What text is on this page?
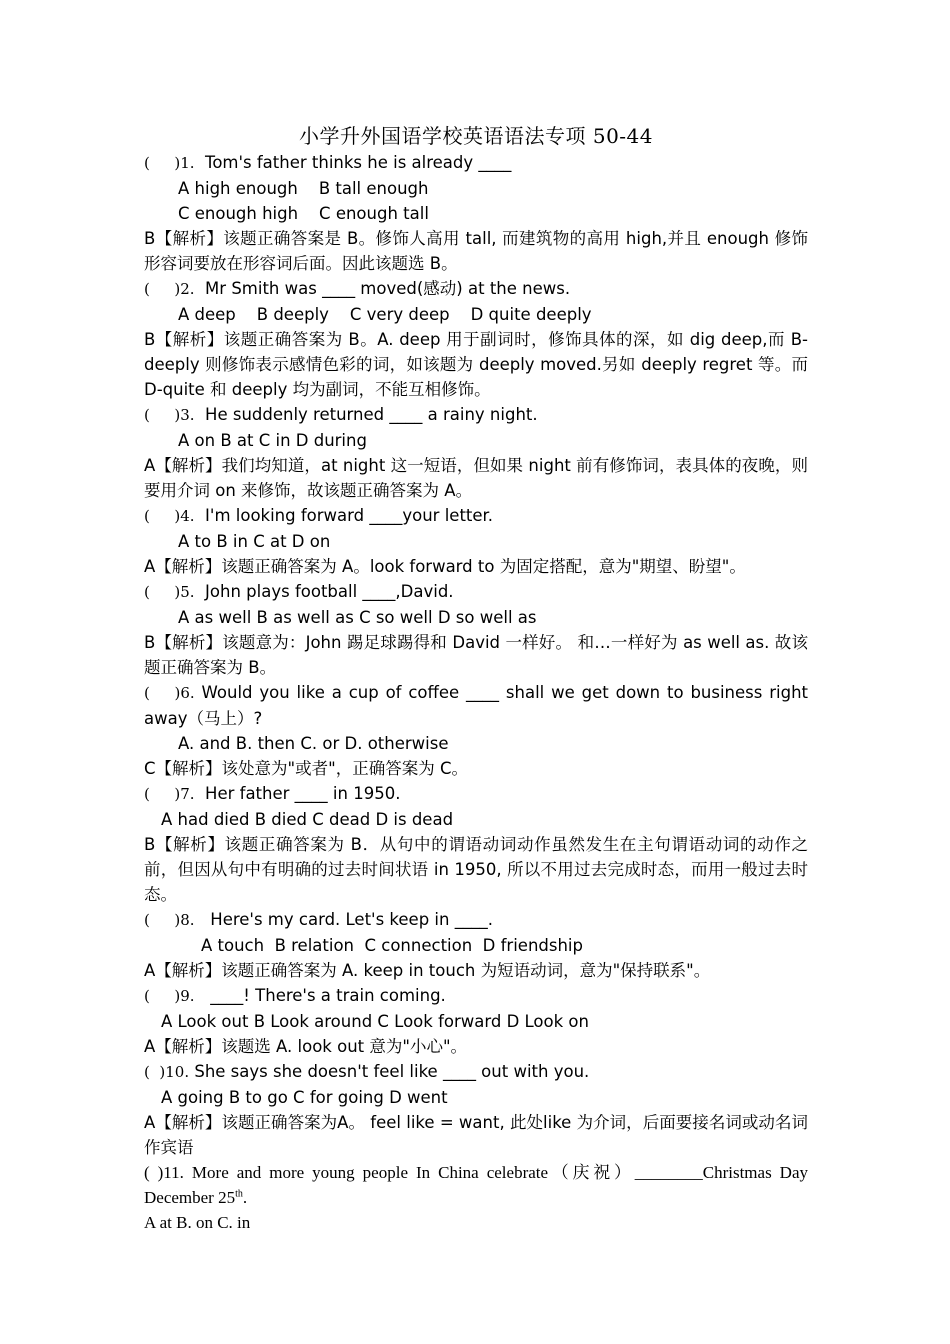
小学升外国语学校英语语法专项 50-44
(　  )1.  Tom's father thinks he is already ____
A high enough    B tall enough
C enough high    C enough tall
B【解析】该题正确答案是 B。修饰人高用 tall, 而建筑物的高用 high,并且 enough 修饰形容词要放在形容词后面。因此该题选 B。
(　  )2.  Mr Smith was ____ moved(感动) at the news.
A deep    B deeply    C very deep    D quite deeply
B【解析】该题正确答案为 B。A. deep 用于副词时，修饰具体的深，如 dig deep,而 B-deeply 则修饰表示感情色彩的词，如该题为 deeply moved.另如 deeply regret 等。而 D-quite 和 deeply 均为副词，不能互相修饰。
(　  )3.  He suddenly returned ____ a rainy night.
A on B at C in D during
A【解析】我们均知道，at night 这一短语，但如果 night 前有修饰词，表具体的夜晚，则要用介词 on 来修饰，故该题正确答案为 A。
(　  )4.  I'm looking forward ____your letter.
A to B in C at D on
A【解析】该题正确答案为 A。look forward to 为固定搭配，意为"期望、盼望"。
(　  )5.  John plays football ____,David.
A as well B as well as C so well D so well as
B【解析】该题意为：John 踢足球踢得和 David 一样好。 和…一样好为 as well as. 故该题正确答案为 B。
(　 )6. Would you like a cup of coffee ____ shall we get down to business right away（马上）?
A. and B. then C. or D. otherwise
C【解析】该处意为"或者"，正确答案为 C。
(　  )7.  Her father ____ in 1950.
A had died B died C dead D is dead
B【解析】该题正确答案为 B．从句中的谓语动词动作虽然发生在主句谓语动词的动作之前，但因从句中有明确的过去时间状语 in 1950, 所以不用过去完成时态，而用一般过去时态。
(　  )8.   Here's my card. Let's keep in ____.
A touch  B relation  C connection  D friendship
A【解析】该题正确答案为 A. keep in touch 为短语动词，意为"保持联系"。
(　  )9.   ____! There's a train coming.
A Look out B Look around C Look forward D Look on
A【解析】该题选 A. look out 意为"小心"。
(  )10. She says she doesn't feel like ____ out with you.
A going B to go C for going D went
A【解析】该题正确答案为A。 feel like = want, 此处like 为介词，后面要接名词或动名词作宾语
( )11. More and more young people In China celebrate（庆祝）________Christmas Day December 25th.
A at B. on C. in
